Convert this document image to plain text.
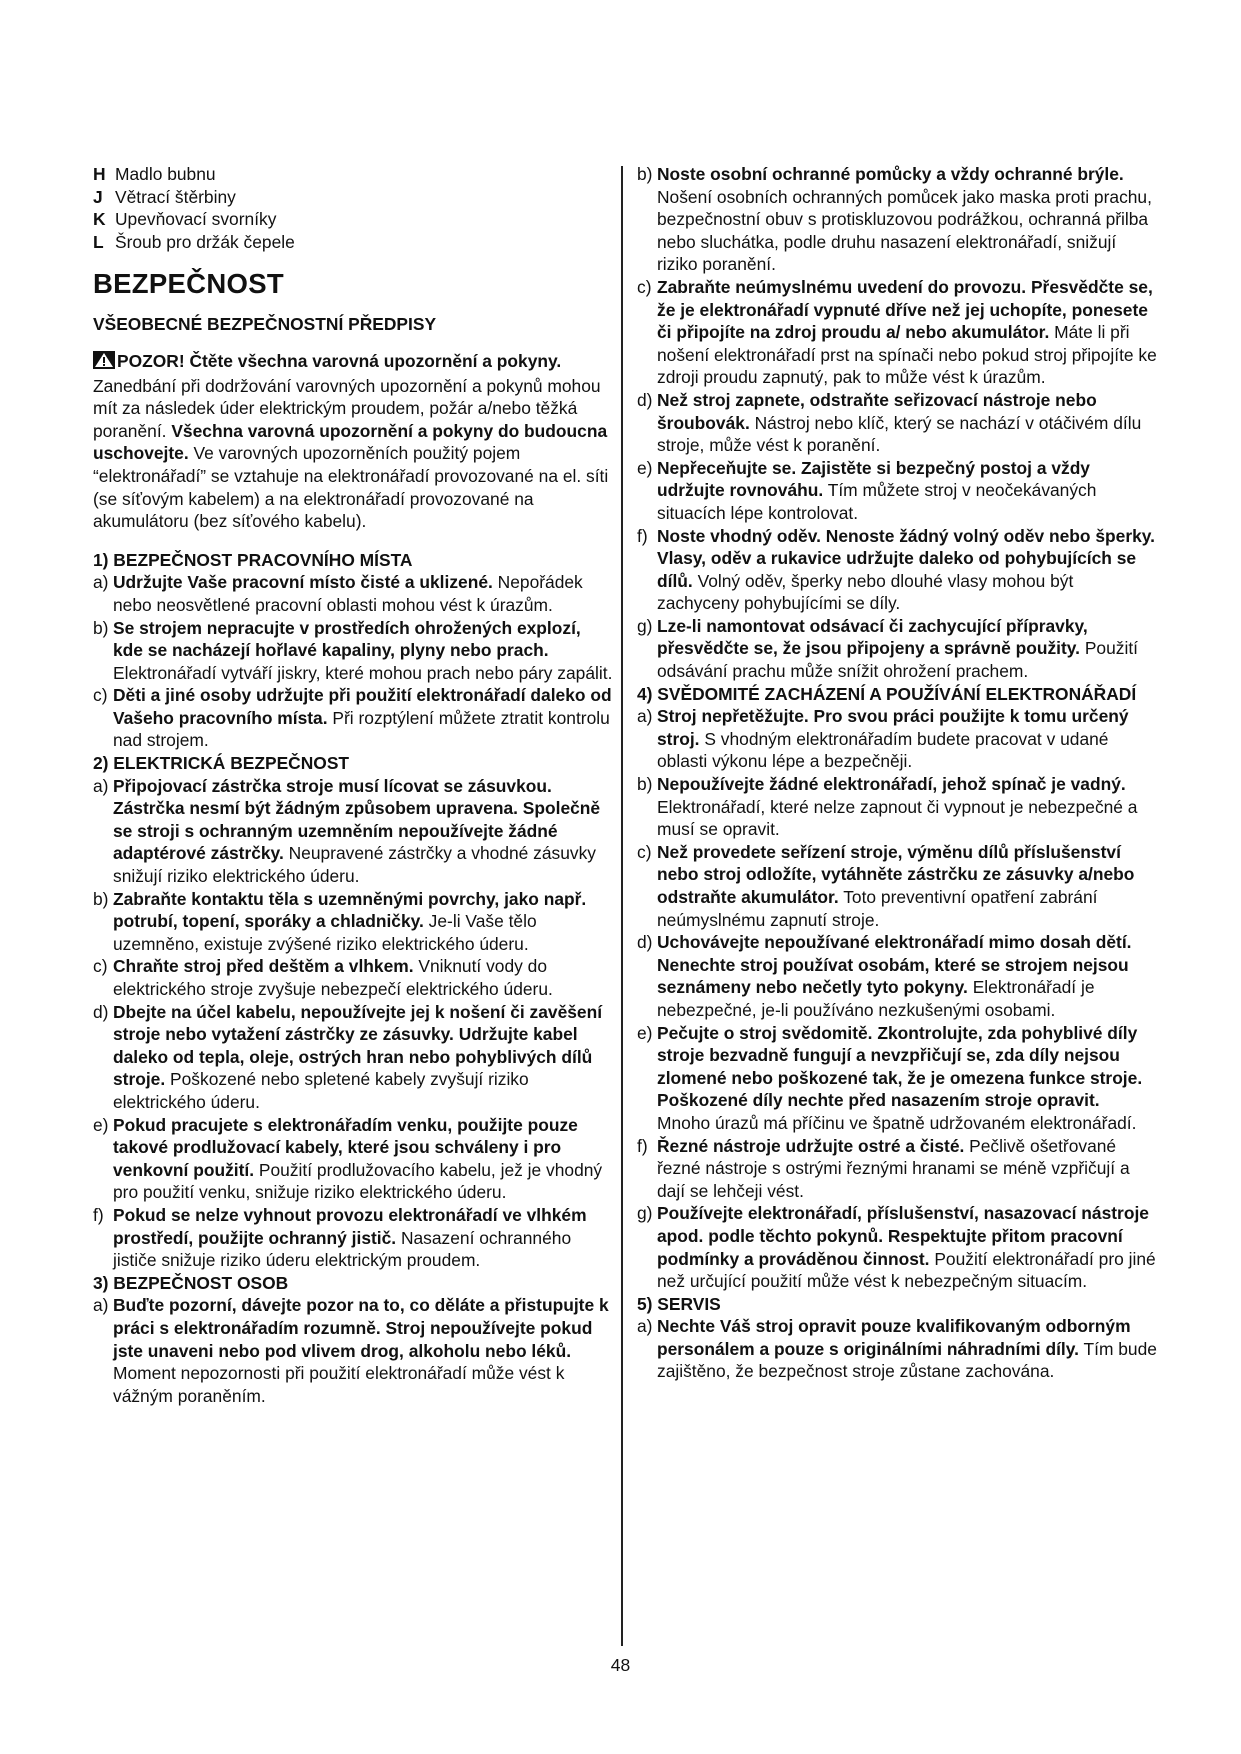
H Madlo bubnu
J Větrací štěrbiny
K Upevňovací svorníky
L Šroub pro držák čepele
BEZPEČNOST
VŠEOBECNÉ BEZPEČNOSTNÍ PŘEDPISY

POZOR! Čtěte všechna varovná upozornění a pokyny. Zanedbání při dodržování varovných upozornění a pokynů mohou mít za následek úder elektrickým proudem, požár a/nebo těžká poranění. Všechna varovná upozornění a pokyny do budoucna uschovejte. Ve varovných upozorněních použitý pojem “elektronářadí” se vztahuje na elektronářadí provozované na el. síti (se síťovým kabelem) a na elektronářadí provozované na akumulátoru (bez síťového kabelu).

1) BEZPEČNOST PRACOVNÍHO MÍSTA
a) Udržujte Vaše pracovní místo čisté a uklizené. Nepořádek nebo neosvětlené pracovní oblasti mohou vést k úrazům.
b) Se strojem nepracujte v prostředích ohrožených explozí, kde se nacházejí hořlavé kapaliny, plyny nebo prach. Elektronářadí vytváří jiskry, které mohou prach nebo páry zapálit.
c) Děti a jiné osoby udržujte při použití elektronářadí daleko od Vašeho pracovního místa. Při rozptýlení můžete ztratit kontrolu nad strojem.
2) ELEKTRICKÁ BEZPEČNOST
a) Připojovací zástrčka stroje musí lícovat se zásuvkou. Zástrčka nesmí být žádným způsobem upravena. Společně se stroji s ochranným uzemněním nepoužívejte žádné adaptérové zástrčky. Neupravené zástrčky a vhodné zásuvky snižují riziko elektrického úderu.
b) Zabraňte kontaktu těla s uzemněnými povrchy, jako např. potrubí, topení, sporáky a chladničky. Je-li Vaše tělo uzemněno, existuje zvýšené riziko elektrického úderu.
c) Chraňte stroj před deštěm a vlhkem. Vniknutí vody do elektrického stroje zvyšuje nebezpečí elektrického úderu.
d) Dbejte na účel kabelu, nepoužívejte jej k nošení či zavěšení stroje nebo vytažení zástrčky ze zásuvky. Udržujte kabel daleko od tepla, oleje, ostrých hran nebo pohyblivých dílů stroje. Poškozené nebo spletené kabely zvyšují riziko elektrického úderu.
e) Pokud pracujete s elektronářadím venku, použijte pouze takové prodlužovací kabely, které jsou schváleny i pro venkovní použití. Použití prodlužovacího kabelu, jež je vhodný pro použití venku, snižuje riziko elektrického úderu.
f) Pokud se nelze vyhnout provozu elektronářadí ve vlhkém prostředí, použijte ochranný jistič. Nasazení ochranného jističe snižuje riziko úderu elektrickým proudem.
3) BEZPEČNOST OSOB
a) Buďte pozorní, dávejte pozor na to, co děláte a přistupujte k práci s elektronářadím rozumně. Stroj nepoužívejte pokud jste unaveni nebo pod vlivem drog, alkoholu nebo léků. Moment nepozornosti při použití elektronářadí může vést k vážným poraněním.
b) Noste osobní ochranné pomůcky a vždy ochranné brýle. Nošení osobních ochranných pomůcek jako maska proti prachu, bezpečnostní obuv s protiskluzovou podrážkou, ochranná přilba nebo sluchátka, podle druhu nasazení elektronářadí, snižují riziko poranění.
c) Zabraňte neúmyslnému uvedení do provozu. Přesvědčte se, že je elektronářadí vypnuté dříve než jej uchopíte, ponesete či připojíte na zdroj proudu a/ nebo akumulátor. Máte li při nošení elektronářadí prst na spínači nebo pokud stroj připojíte ke zdroji proudu zapnutý, pak to může vést k úrazům.
d) Než stroj zapnete, odstraňte seřizovací nástroje nebo šroubovák. Nástroj nebo klíč, který se nachází v otáčivém dílu stroje, může vést k poranění.
e) Nepřeceňujte se. Zajistěte si bezpečný postoj a vždy udržujte rovnováhu. Tím můžete stroj v neočekávaných situacích lépe kontrolovat.
f) Noste vhodný oděv. Nenoste žádný volný oděv nebo šperky. Vlasy, oděv a rukavice udržujte daleko od pohybujících se dílů. Volný oděv, šperky nebo dlouhé vlasy mohou být zachyceny pohybujícími se díly.
g) Lze-li namontovat odsávací či zachycující přípravky, přesvědčte se, že jsou připojeny a správně použity. Použití odsávání prachu může snížit ohrožení prachem.
4) SVĚDOMITÉ ZACHÁZENÍ A POUŽÍVÁNÍ ELEKTRONÁŘADÍ
a) Stroj nepřetěžujte. Pro svou práci použijte k tomu určený stroj. S vhodným elektronářadím budete pracovat v udané oblasti výkonu lépe a bezpečněji.
b) Nepoužívejte žádné elektronářadí, jehož spínač je vadný. Elektronářadí, které nelze zapnout či vypnout je nebezpečné a musí se opravit.
c) Než provedete seřízení stroje, výměnu dílů příslušenství nebo stroj odložíte, vytáhněte zástrčku ze zásuvky a/nebo odstraňte akumulátor. Toto preventivní opatření zabrání neúmyslnému zapnutí stroje.
d) Uchovávejte nepoužívané elektronářadí mimo dosah dětí. Nenechte stroj používat osobám, které se strojem nejsou seznámeny nebo nečetly tyto pokyny. Elektronářadí je nebezpečné, je-li používáno nezkušenými osobami.
e) Pečujte o stroj svědomitě. Zkontrolujte, zda pohyblivé díly stroje bezvadně fungují a nevzpřičují se, zda díly nejsou zlomené nebo poškozené tak, že je omezena funkce stroje. Poškozené díly nechte před nasazením stroje opravit. Mnoho úrazů má příčinu ve špatně udržovaném elektronářadí.
f) Řezné nástroje udržujte ostré a čisté. Pečlivě ošetřované řezné nástroje s ostrými řeznými hranami se méně vzpřičují a dají se lehčeji vést.
g) Používejte elektronářadí, příslušenství, nasazovací nástroje apod. podle těchto pokynů. Respektujte přitom pracovní podmínky a prováděnou činnost. Použití elektronářadí pro jiné než určující použití může vést k nebezpečným situacím.
5) SERVIS
a) Nechte Váš stroj opravit pouze kvalifikovaným odborným personálem a pouze s originálními náhradními díly. Tím bude zajištěno, že bezpečnost stroje zůstane zachována.
48
